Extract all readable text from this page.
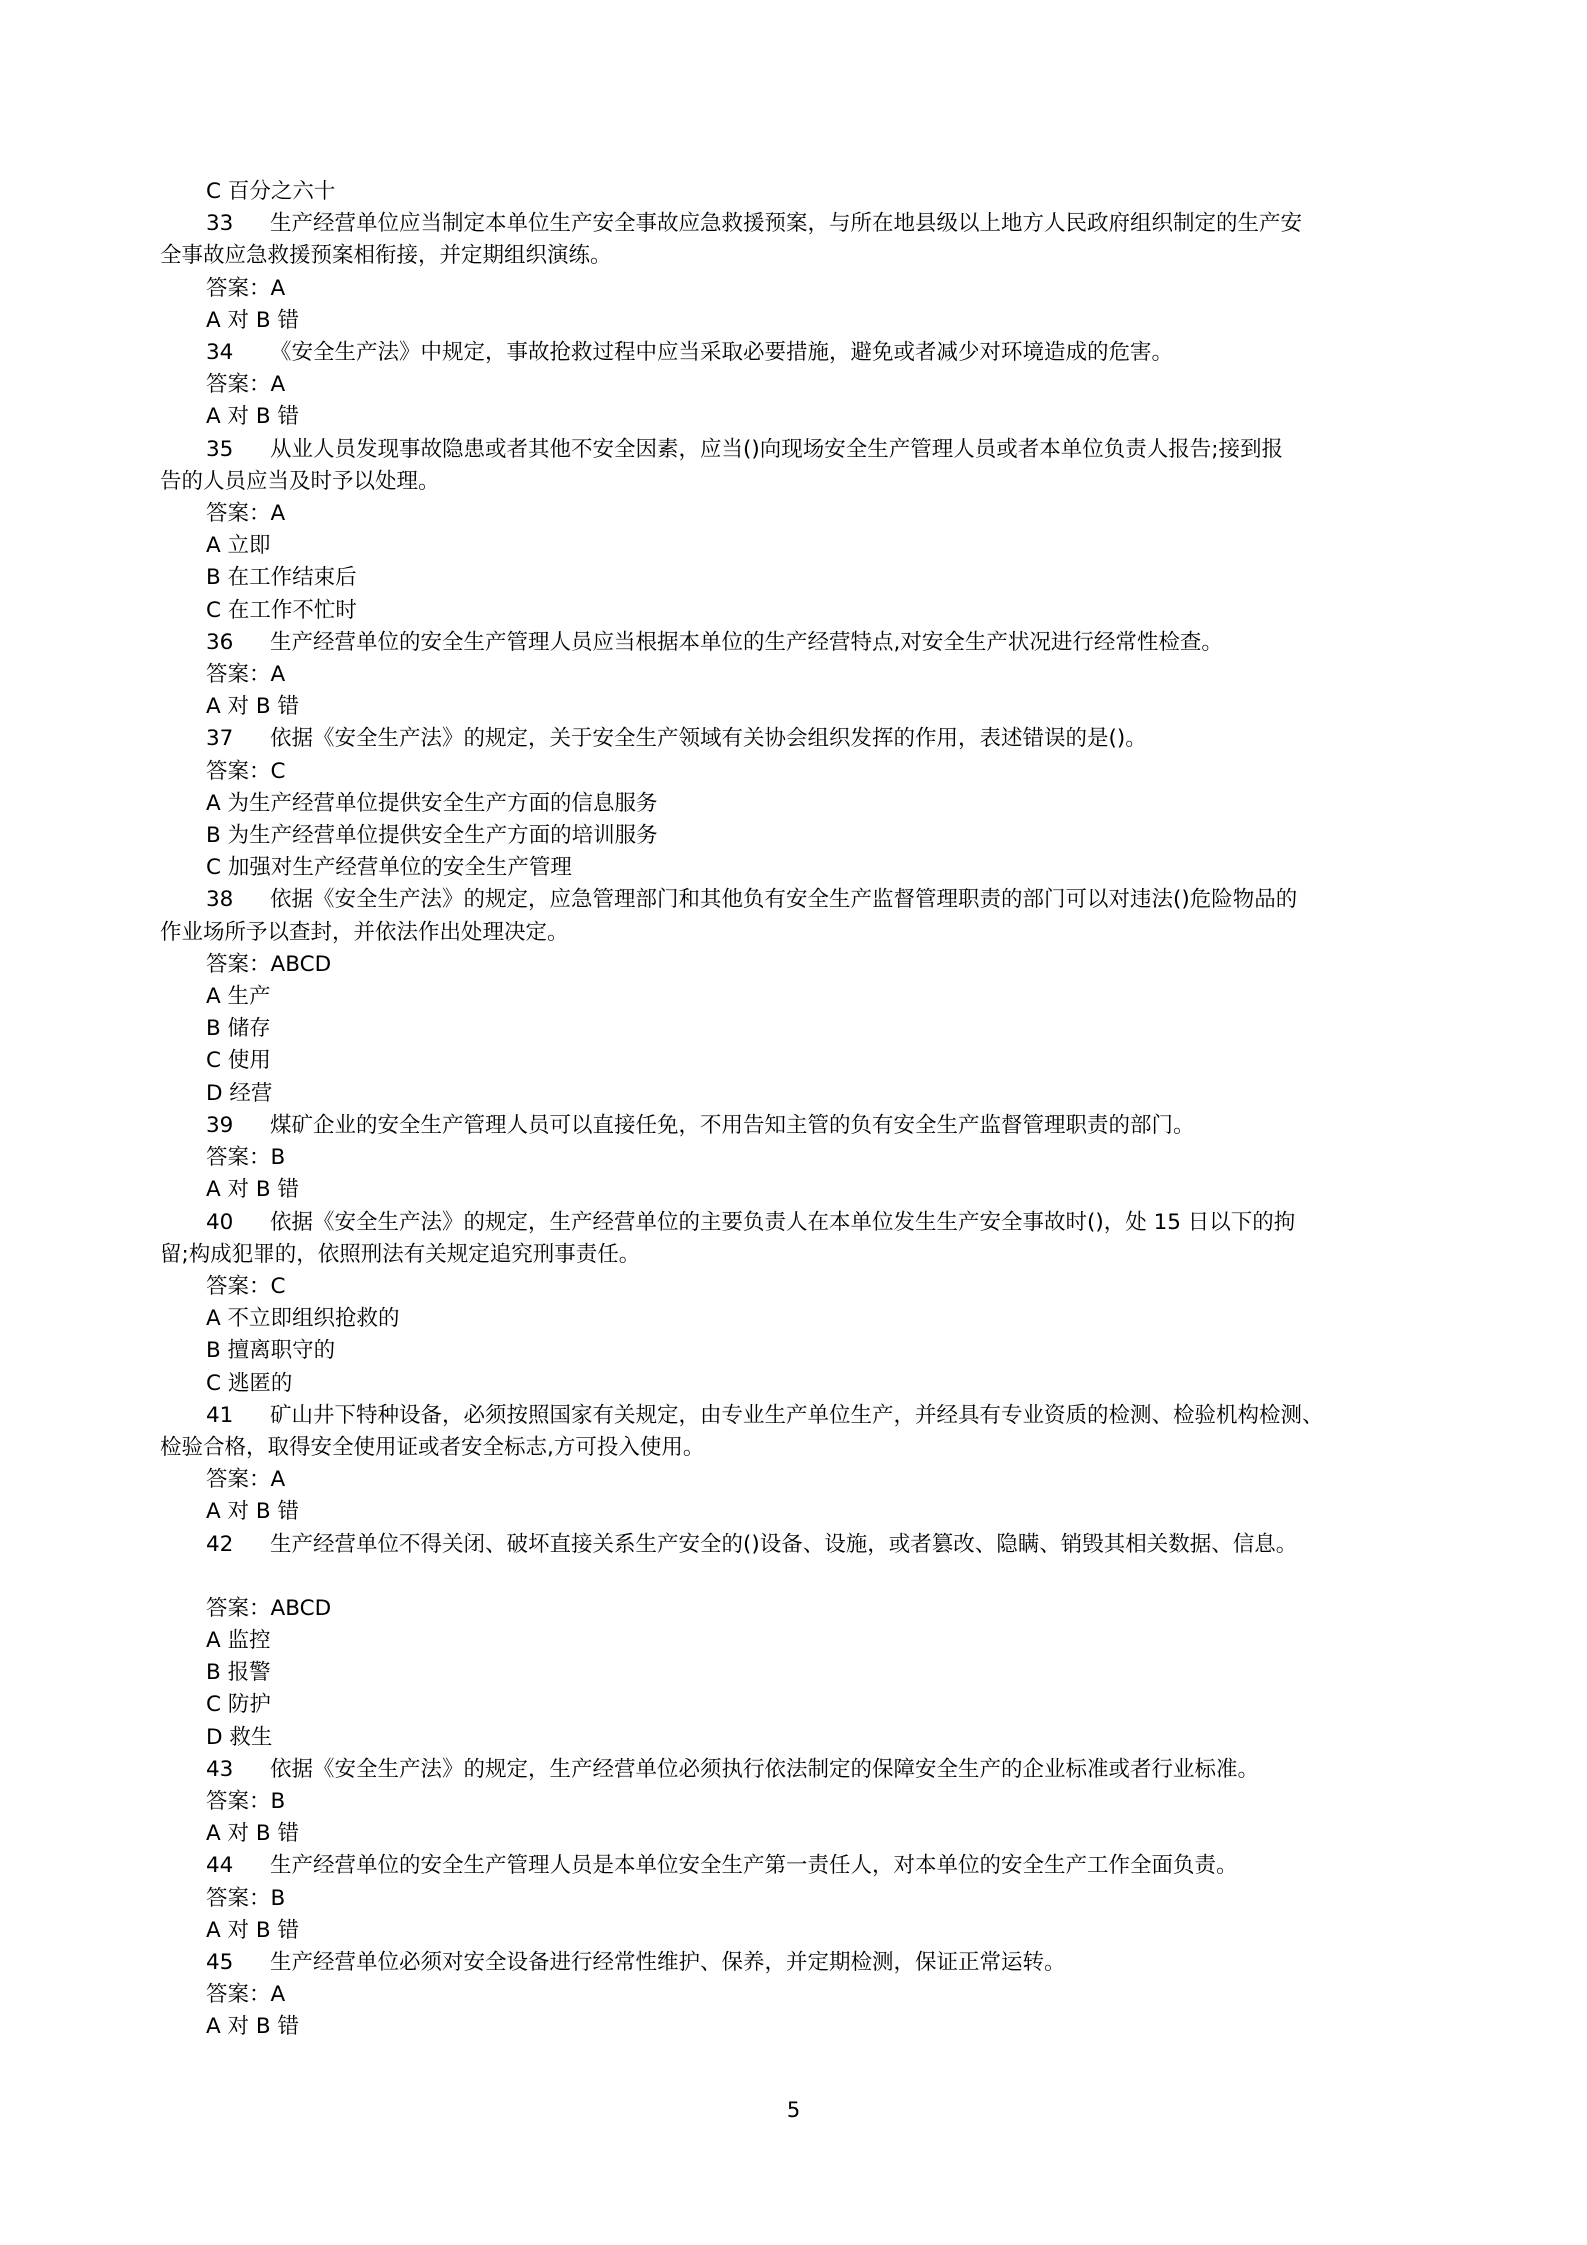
C 百分之六十
33 生产经营单位应当制定本单位生产安全事故应急救援预案，与所在地县级以上地方人民政府组织制定的生产安
全事故应急救援预案相衔接，并定期组织演练。
答案：A
A 对 B 错
34 《安全生产法》中规定，事故抢救过程中应当采取必要措施，避免或者减少对环境造成的危害。
答案：A
A 对 B 错
35 从业人员发现事故隐患或者其他不安全因素，应当()向现场安全生产管理人员或者本单位负责人报告;接到报
告的人员应当及时予以处理。
答案：A
A 立即
B 在工作结束后
C 在工作不忙时
36 生产经营单位的安全生产管理人员应当根据本单位的生产经营特点,对安全生产状况进行经常性检查。
答案：A
A 对 B 错
37 依据《安全生产法》的规定，关于安全生产领域有关协会组织发挥的作用，表述错误的是()。
答案：C
A 为生产经营单位提供安全生产方面的信息服务
B 为生产经营单位提供安全生产方面的培训服务
C 加强对生产经营单位的安全生产管理
38 依据《安全生产法》的规定，应急管理部门和其他负有安全生产监督管理职责的部门可以对违法()危险物品的
作业场所予以查封，并依法作出处理决定。
答案：ABCD
A 生产
B 储存
C 使用
D 经营
39 煤矿企业的安全生产管理人员可以直接任免，不用告知主管的负有安全生产监督管理职责的部门。
答案：B
A 对 B 错
40 依据《安全生产法》的规定，生产经营单位的主要负责人在本单位发生生产安全事故时()，处 15 日以下的拘
留;构成犯罪的，依照刑法有关规定追究刑事责任。
答案：C
A 不立即组织抢救的
B 擅离职守的
C 逃匿的
41 矿山井下特种设备，必须按照国家有关规定，由专业生产单位生产，并经具有专业资质的检测、检验机构检测、
检验合格，取得安全使用证或者安全标志,方可投入使用。
答案：A
A 对 B 错
42 生产经营单位不得关闭、破坏直接关系生产安全的()设备、设施，或者篡改、隐瞒、销毁其相关数据、信息。
答案：ABCD
A 监控
B 报警
C 防护
D 救生
43 依据《安全生产法》的规定，生产经营单位必须执行依法制定的保障安全生产的企业标准或者行业标准。
答案：B
A 对 B 错
44 生产经营单位的安全生产管理人员是本单位安全生产第一责任人，对本单位的安全生产工作全面负责。
答案：B
A 对 B 错
45 生产经营单位必须对安全设备进行经常性维护、保养，并定期检测，保证正常运转。
答案：A
A 对 B 错
5
